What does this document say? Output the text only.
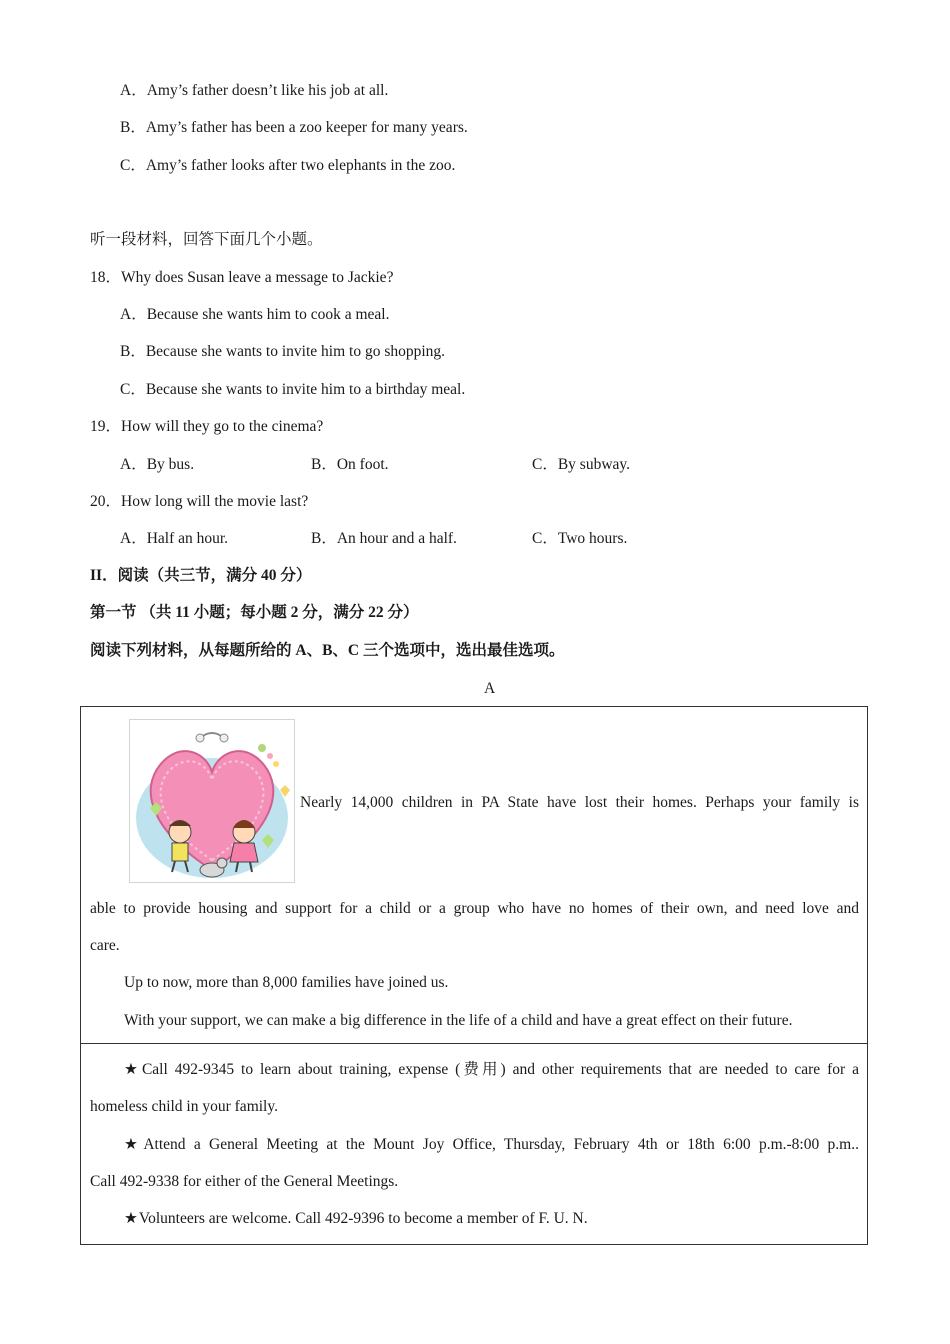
A．Amy’s father doesn’t like his job at all.
B．Amy’s father has been a zoo keeper for many years.
C．Amy’s father looks after two elephants in the zoo.
听一段材料，回答下面几个小题。
18．Why does Susan leave a message to Jackie?
A．Because she wants him to cook a meal.
B．Because she wants to invite him to go shopping.
C．Because she wants to invite him to a birthday meal.
19．How will they go to the cinema?
A．By bus.	B．On foot.	C．By subway.
20．How long will the movie last?
A．Half an hour.	B．An hour and a half.	C．Two hours.
II．阅读（共三节，满分 40 分）
第一节 （共 11 小题；每小题 2 分，满分 22 分）
阅读下列材料，从每题所给的 A、B、C 三个选项中，选出最佳选项。
A
Nearly 14,000 children in PA State have lost their homes. Perhaps your family is
able to provide housing and support for a child or a group who have no homes of their own, and need love and
care.
Up to now, more than 8,000 families have joined us.
With your support, we can make a big difference in the life of a child and have a great effect on their future.
★Call 492-9345 to learn about training, expense (费用) and other requirements that are needed to care for a
homeless child in your family.
★Attend a General Meeting at the Mount Joy Office, Thursday, February 4th or 18th 6:00 p.m.-8:00 p.m..
Call 492-9338 for either of the General Meetings.
★Volunteers are welcome. Call 492-9396 to become a member of F. U. N.
